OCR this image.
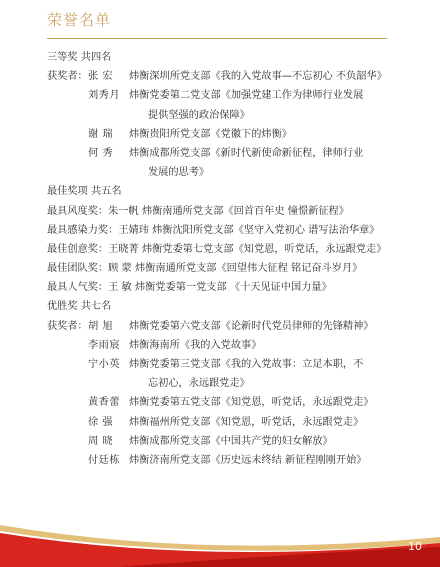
荣誉名单
三等奖 共四名
获奖者：张 宏 炜衡深圳所党支部《我的入党故事—不忘初心 不负韶华》
刘秀月 炜衡党委第二党支部《加强党建工作为律师行业发展
提供坚强的政治保障》
谢 瑞 炜衡贵阳所党支部《党徽下的炜衡》
何 秀 炜衡成都所党支部《新时代新使命新征程，律师行业
发展的思考》
最佳奖项 共五名
最具风度奖：朱一帆 炜衡南通所党支部《回首百年史 憧憬新征程》
最具感染力奖：王婧玮 炜衡沈阳所党支部《坚守入党初心 谱写法治华章》
最佳创意奖：王晓菁 炜衡党委第七党支部《知党恩，听党话，永远跟党走》
最佳团队奖：顾 蒙 炜衡南通所党支部《回望伟大征程 铭记奋斗岁月》
最具人气奖：王 敏 炜衡党委第一党支部 《十天见证中国力量》
优胜奖 共七名
获奖者：胡 旭 炜衡党委第六党支部《论新时代党员律师的先锋精神》
李雨宸 炜衡海南所《我的入党故事》
宁小英 炜衡党委第三党支部《我的入党故事：立足本职，不
忘初心，永远跟党走》
黄香蕾 炜衡党委第五党支部《知党恩，听党话，永远跟党走》
徐 强 炜衡福州所党支部《知党恩，听党话，永远跟党走》
周 晓 炜衡成都所党支部《中国共产党的妇女解放》
付廷栋 炜衡济南所党支部《历史远未终结 新征程刚刚开始》
10
